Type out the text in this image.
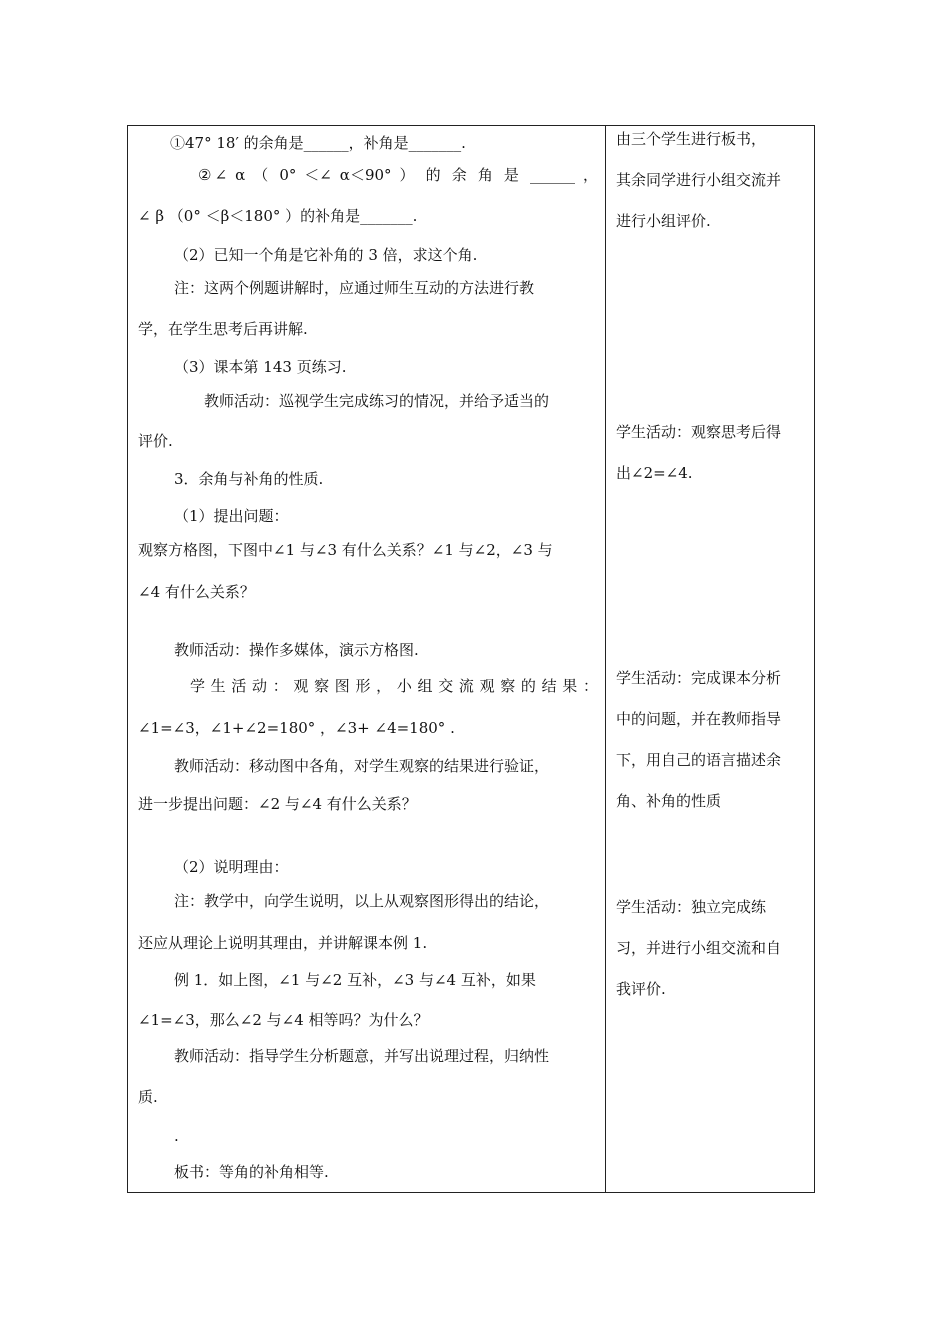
①47° 18′ 的余角是______，补角是_______.
②∠ α （ 0° ＜∠ α＜90° ） 的 余 角 是 ______ ，
∠ β （0° ＜β＜180° ）的补角是_______.
（2）已知一个角是它补角的 3 倍，求这个角.
注：这两个例题讲解时，应通过师生互动的方法进行教
学，在学生思考后再讲解.
（3）课本第 143 页练习.
教师活动：巡视学生完成练习的情况，并给予适当的
评价.
3．余角与补角的性质.
（1）提出问题：
观察方格图，下图中∠1 与∠3 有什么关系？∠1 与∠2，∠3 与
∠4 有什么关系？
教师活动：操作多媒体，演示方格图.
学 生 活 动 ： 观 察 图 形 ， 小 组 交 流 观 察 的 结 果 ：
∠1=∠3，∠1+∠2=180° ，∠3+ ∠4=180° .
教师活动：移动图中各角，对学生观察的结果进行验证，
进一步提出问题：∠2 与∠4 有什么关系？
（2）说明理由：
注：教学中，向学生说明，以上从观察图形得出的结论，
还应从理论上说明其理由，并讲解课本例 1.
例 1．如上图，∠1 与∠2 互补，∠3 与∠4 互补，如果
∠1=∠3，那么∠2 与∠4 相等吗？为什么？
教师活动：指导学生分析题意，并写出说理过程，归纳性
质.
.
板书：等角的补角相等.
由三个学生进行板书，
其余同学进行小组交流并
进行小组评价.
学生活动：观察思考后得
出∠2=∠4.
学生活动：完成课本分析
中的问题，并在教师指导
下，用自己的语言描述余
角、补角的性质
学生活动：独立完成练
习，并进行小组交流和自
我评价.
